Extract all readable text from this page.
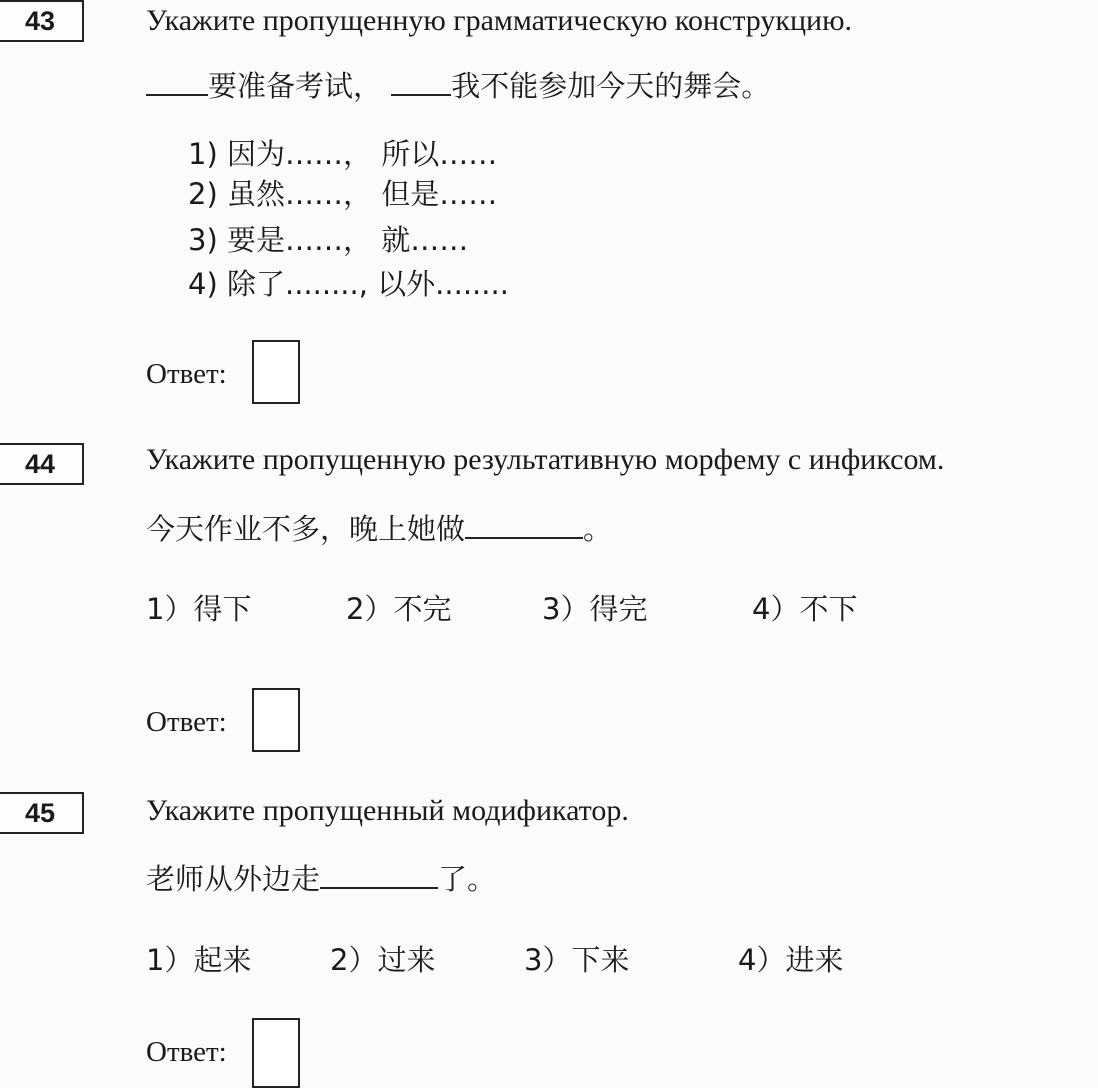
43	Укажите пропущенную грамматическую конструкцию.
要准备考试， 我不能参加今天的舞会。
1) 因为……， 所以……
2) 虽然……， 但是……
3) 要是……， 就……
4) 除了........, 以外........
Ответ:
44	Укажите пропущенную результативную морфему с инфиксом.
今天作业不多，晚上她做	。
1）得下	2）不完	3）得完	4）不下
Ответ:
45	Укажите пропущенный модификатор.
老师从外边走	了。
1）起来	2）过来	3）下来	4）进来
Ответ:
